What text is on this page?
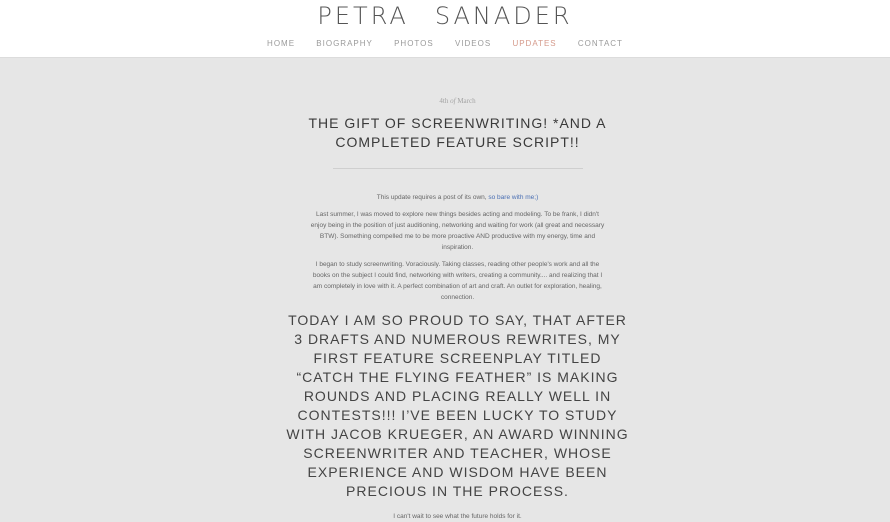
PETRA SANADER
HOME	BIOGRAPHY	PHOTOS	VIDEOS	UPDATES	CONTACT
4th of March
THE GIFT OF SCREENWRITING! *AND A COMPLETED FEATURE SCRIPT!!
This update requires a post of its own, so bare with me;)
Last summer, I was moved to explore new things besides acting and modeling. To be frank, I didn't enjoy being in the position of just auditioning, networking and waiting for work (all great and necessary BTW). Something compelled me to be more proactive AND productive with my energy, time and inspiration.
I began to study screenwriting. Voraciously. Taking classes, reading other people's work and all the books on the subject I could find, networking with writers, creating a community.... and realizing that I am completely in love with it. A perfect combination of art and craft. An outlet for exploration, healing, connection.
TODAY I AM SO PROUD TO SAY, THAT AFTER 3 DRAFTS AND NUMEROUS REWRITES, MY FIRST FEATURE SCREENPLAY TITLED “CATCH THE FLYING FEATHER” IS MAKING ROUNDS AND PLACING REALLY WELL IN CONTESTS!!! I’VE BEEN LUCKY TO STUDY WITH JACOB KRUEGER, AN AWARD WINNING SCREENWRITER AND TEACHER, WHOSE EXPERIENCE AND WISDOM HAVE BEEN PRECIOUS IN THE PROCESS.
I can't wait to see what the future holds for it.
